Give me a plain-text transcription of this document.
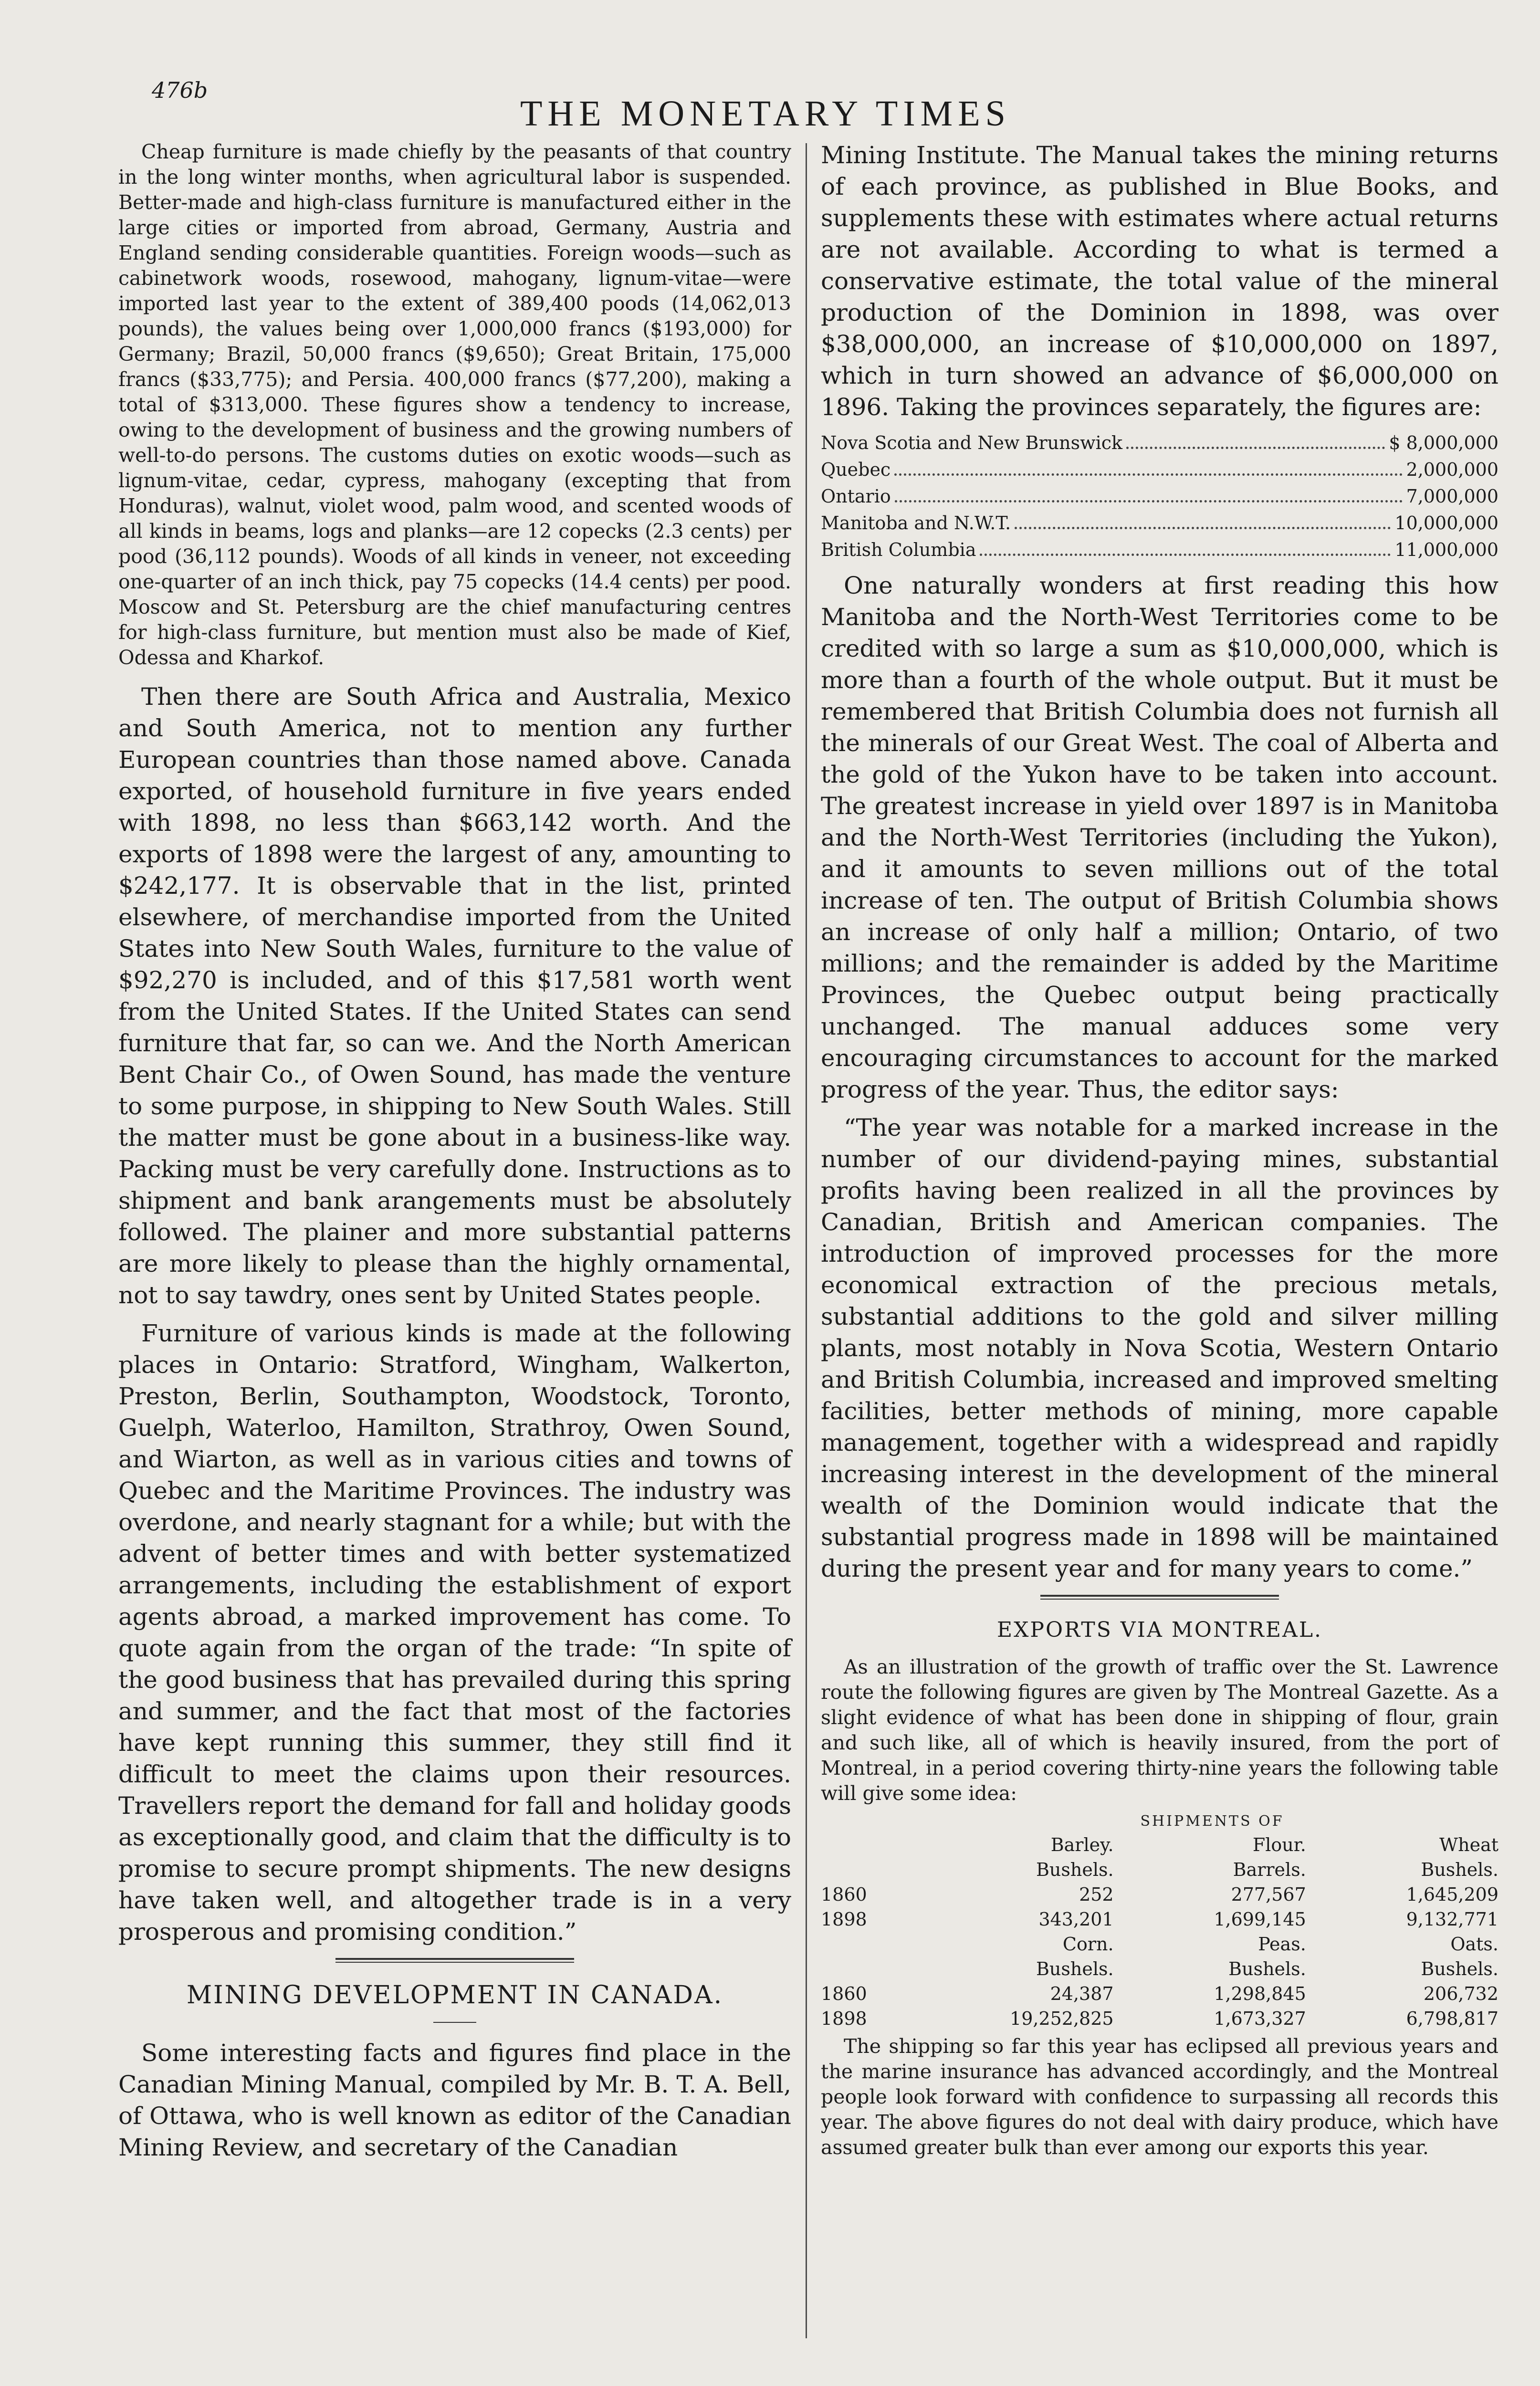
476b
THE MONETARY TIMES

Cheap furniture is made chiefly by the peasants of that country in the long winter months, when agricultural labor is suspended. Better-made and high-class furniture is manufactured either in the large cities or imported from abroad, Germany, Austria and England sending considerable quantities. Foreign woods—such as cabinetwork woods, rosewood, mahogany, lignum-vitae—were imported last year to the extent of 389,400 poods (14,062,013 pounds), the values being over 1,000,000 francs ($193,000) for Germany; Brazil, 50,000 francs ($9,650); Great Britain, 175,000 francs ($33,775); and Persia. 400,000 francs ($77,200), making a total of $313,000. These figures show a tendency to increase, owing to the development of business and the growing numbers of well-to-do persons. The customs duties on exotic woods—such as lignum-vitae, cedar, cypress, mahogany (excepting that from Honduras), walnut, violet wood, palm wood, and scented woods of all kinds in beams, logs and planks—are 12 copecks (2.3 cents) per pood (36,112 pounds). Woods of all kinds in veneer, not exceeding one-quarter of an inch thick, pay 75 copecks (14.4 cents) per pood. Moscow and St. Petersburg are the chief manufacturing centres for high-class furniture, but mention must also be made of Kief, Odessa and Kharkof.

Then there are South Africa and Australia, Mexico and South America, not to mention any further European countries than those named above. Canada exported, of household furniture in five years ended with 1898, no less than $663,142 worth. And the exports of 1898 were the largest of any, amounting to $242,177. It is observable that in the list, printed elsewhere, of merchandise imported from the United States into New South Wales, furniture to the value of $92,270 is included, and of this $17,581 worth went from the United States. If the United States can send furniture that far, so can we. And the North American Bent Chair Co., of Owen Sound, has made the venture to some purpose, in shipping to New South Wales. Still the matter must be gone about in a business-like way. Packing must be very carefully done. Instructions as to shipment and bank arangements must be absolutely followed. The plainer and more substantial patterns are more likely to please than the highly ornamental, not to say tawdry, ones sent by United States people.

Furniture of various kinds is made at the following places in Ontario: Stratford, Wingham, Walkerton, Preston, Berlin, Southampton, Woodstock, Toronto, Guelph, Waterloo, Hamilton, Strathroy, Owen Sound, and Wiarton, as well as in various cities and towns of Quebec and the Maritime Provinces. The industry was overdone, and nearly stagnant for a while; but with the advent of better times and with better systematized arrangements, including the establishment of export agents abroad, a marked improvement has come. To quote again from the organ of the trade: “In spite of the good business that has prevailed during this spring and summer, and the fact that most of the factories have kept running this summer, they still find it difficult to meet the claims upon their resources. Travellers report the demand for fall and holiday goods as exceptionally good, and claim that the difficulty is to promise to secure prompt shipments. The new designs have taken well, and altogether trade is in a very prosperous and promising condition.”

MINING DEVELOPMENT IN CANADA.

Some interesting facts and figures find place in the Canadian Mining Manual, compiled by Mr. B. T. A. Bell, of Ottawa, who is well known as editor of the Canadian Mining Review, and secretary of the Canadian

Mining Institute. The Manual takes the mining returns of each province, as published in Blue Books, and supplements these with estimates where actual returns are not available. According to what is termed a conservative estimate, the total value of the mineral production of the Dominion in 1898, was over $38,000,000, an increase of $10,000,000 on 1897, which in turn showed an advance of $6,000,000 on 1896. Taking the provinces separately, the figures are:

Nova Scotia and New Brunswick	$ 8,000,000
Quebec	2,000,000
Ontario	7,000,000
Manitoba and N.W.T.	10,000,000
British Columbia	11,000,000

One naturally wonders at first reading this how Manitoba and the North-West Territories come to be credited with so large a sum as $10,000,000, which is more than a fourth of the whole output. But it must be remembered that British Columbia does not furnish all the minerals of our Great West. The coal of Alberta and the gold of the Yukon have to be taken into account. The greatest increase in yield over 1897 is in Manitoba and the North-West Territories (including the Yukon), and it amounts to seven millions out of the total increase of ten. The output of British Columbia shows an increase of only half a million; Ontario, of two millions; and the remainder is added by the Maritime Provinces, the Quebec output being practically unchanged. The manual adduces some very encouraging circumstances to account for the marked progress of the year. Thus, the editor says:

“The year was notable for a marked increase in the number of our dividend-paying mines, substantial profits having been realized in all the provinces by Canadian, British and American companies. The introduction of improved processes for the more economical extraction of the precious metals, substantial additions to the gold and silver milling plants, most notably in Nova Scotia, Western Ontario and British Columbia, increased and improved smelting facilities, better methods of mining, more capable management, together with a widespread and rapidly increasing interest in the development of the mineral wealth of the Dominion would indicate that the substantial progress made in 1898 will be maintained during the present year and for many years to come.”

EXPORTS VIA MONTREAL.

As an illustration of the growth of traffic over the St. Lawrence route the following figures are given by The Montreal Gazette. As a slight evidence of what has been done in shipping of flour, grain and such like, all of which is heavily insured, from the port of Montreal, in a period covering thirty-nine years the following table will give some idea:

SHIPMENTS OF
		Barley.	Flour.	Wheat
		Bushels.	Barrels.	Bushels.
1860		252	277,567	1,645,209
1898		343,201	1,699,145	9,132,771
		Corn.	Peas.	Oats.
		Bushels.	Bushels.	Bushels.
1860		24,387	1,298,845	206,732
1898		19,252,825	1,673,327	6,798,817

The shipping so far this year has eclipsed all previous years and the marine insurance has advanced accordingly, and the Montreal people look forward with confidence to surpassing all records this year. The above figures do not deal with dairy produce, which have assumed greater bulk than ever among our exports this year.
